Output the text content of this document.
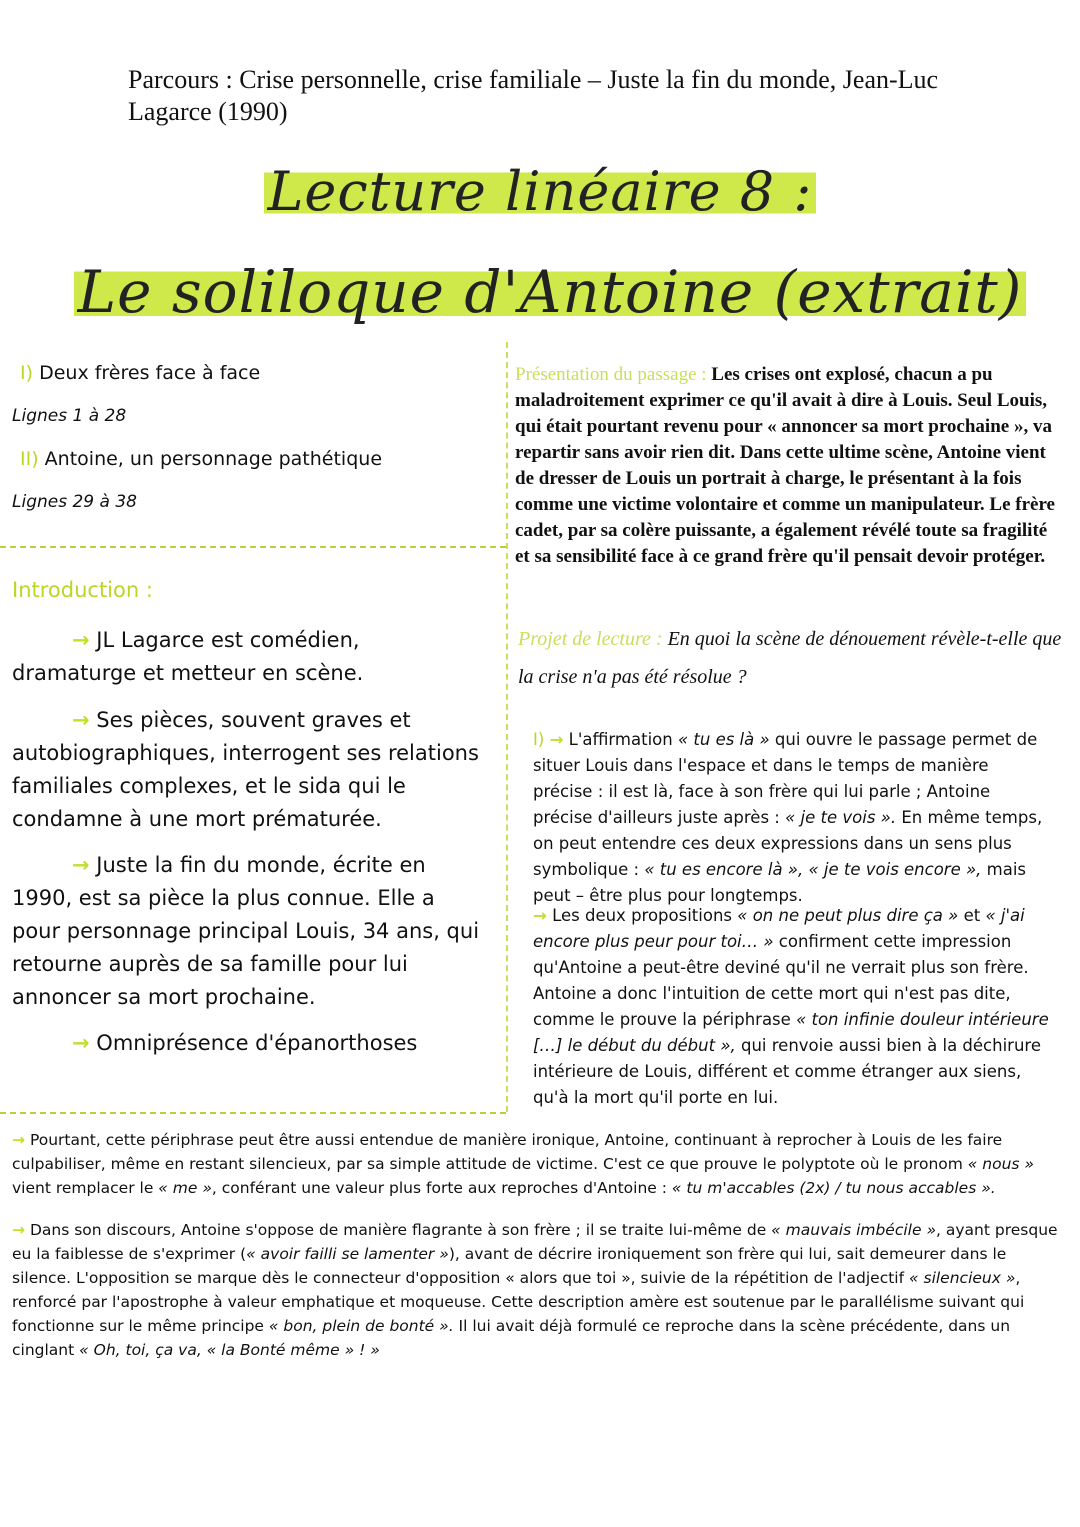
Parcours : Crise personnelle, crise familiale – Juste la fin du monde, Jean-Luc Lagarce (1990)
Lecture linéaire 8 :
Le soliloque d'Antoine (extrait)
I) Deux frères face à face
Lignes 1 à 28
II) Antoine, un personnage pathétique
Lignes 29 à 38
Introduction :
→ JL Lagarce est comédien, dramaturge et metteur en scène.
→ Ses pièces, souvent graves et autobiographiques, interrogent ses relations familiales complexes, et le sida qui le condamne à une mort prématurée.
→ Juste la fin du monde, écrite en 1990, est sa pièce la plus connue. Elle a pour personnage principal Louis, 34 ans, qui retourne auprès de sa famille pour lui annoncer sa mort prochaine.
→ Omniprésence d'épanorthoses
Présentation du passage : Les crises ont explosé, chacun a pu maladroitement exprimer ce qu'il avait à dire à Louis. Seul Louis, qui était pourtant revenu pour « annoncer sa mort prochaine », va repartir sans avoir rien dit. Dans cette ultime scène, Antoine vient de dresser de Louis un portrait à charge, le présentant à la fois comme une victime volontaire et comme un manipulateur. Le frère cadet, par sa colère puissante, a également révélé toute sa fragilité et sa sensibilité face à ce grand frère qu'il pensait devoir protéger.
Projet de lecture : En quoi la scène de dénouement révèle-t-elle que la crise n'a pas été résolue ?
I) → L'affirmation « tu es là » qui ouvre le passage permet de situer Louis dans l'espace et dans le temps de manière précise : il est là, face à son frère qui lui parle ; Antoine précise d'ailleurs juste après : « je te vois ». En même temps, on peut entendre ces deux expressions dans un sens plus symbolique : « tu es encore là », « je te vois encore », mais peut – être plus pour longtemps.
→ Les deux propositions « on ne peut plus dire ça » et « j'ai encore plus peur pour toi… » confirment cette impression qu'Antoine a peut-être deviné qu'il ne verrait plus son frère. Antoine a donc l'intuition de cette mort qui n'est pas dite, comme le prouve la périphrase « ton infinie douleur intérieure […] le début du début », qui renvoie aussi bien à la déchirure intérieure de Louis, différent et comme étranger aux siens, qu'à la mort qu'il porte en lui.
→ Pourtant, cette périphrase peut être aussi entendue de manière ironique, Antoine, continuant à reprocher à Louis de les faire culpabiliser, même en restant silencieux, par sa simple attitude de victime. C'est ce que prouve le polyptote où le pronom « nous » vient remplacer le « me », conférant une valeur plus forte aux reproches d'Antoine : « tu m'accables (2x) / tu nous accables ».
→ Dans son discours, Antoine s'oppose de manière flagrante à son frère ; il se traite lui-même de « mauvais imbécile », ayant presque eu la faiblesse de s'exprimer (« avoir failli se lamenter »), avant de décrire ironiquement son frère qui lui, sait demeurer dans le silence. L'opposition se marque dès le connecteur d'opposition « alors que toi », suivie de la répétition de l'adjectif « silencieux », renforcé par l'apostrophe à valeur emphatique et moqueuse. Cette description amère est soutenue par le parallélisme suivant qui fonctionne sur le même principe « bon, plein de bonté ». Il lui avait déjà formulé ce reproche dans la scène précédente, dans un cinglant « Oh, toi, ça va, « la Bonté même » ! »
